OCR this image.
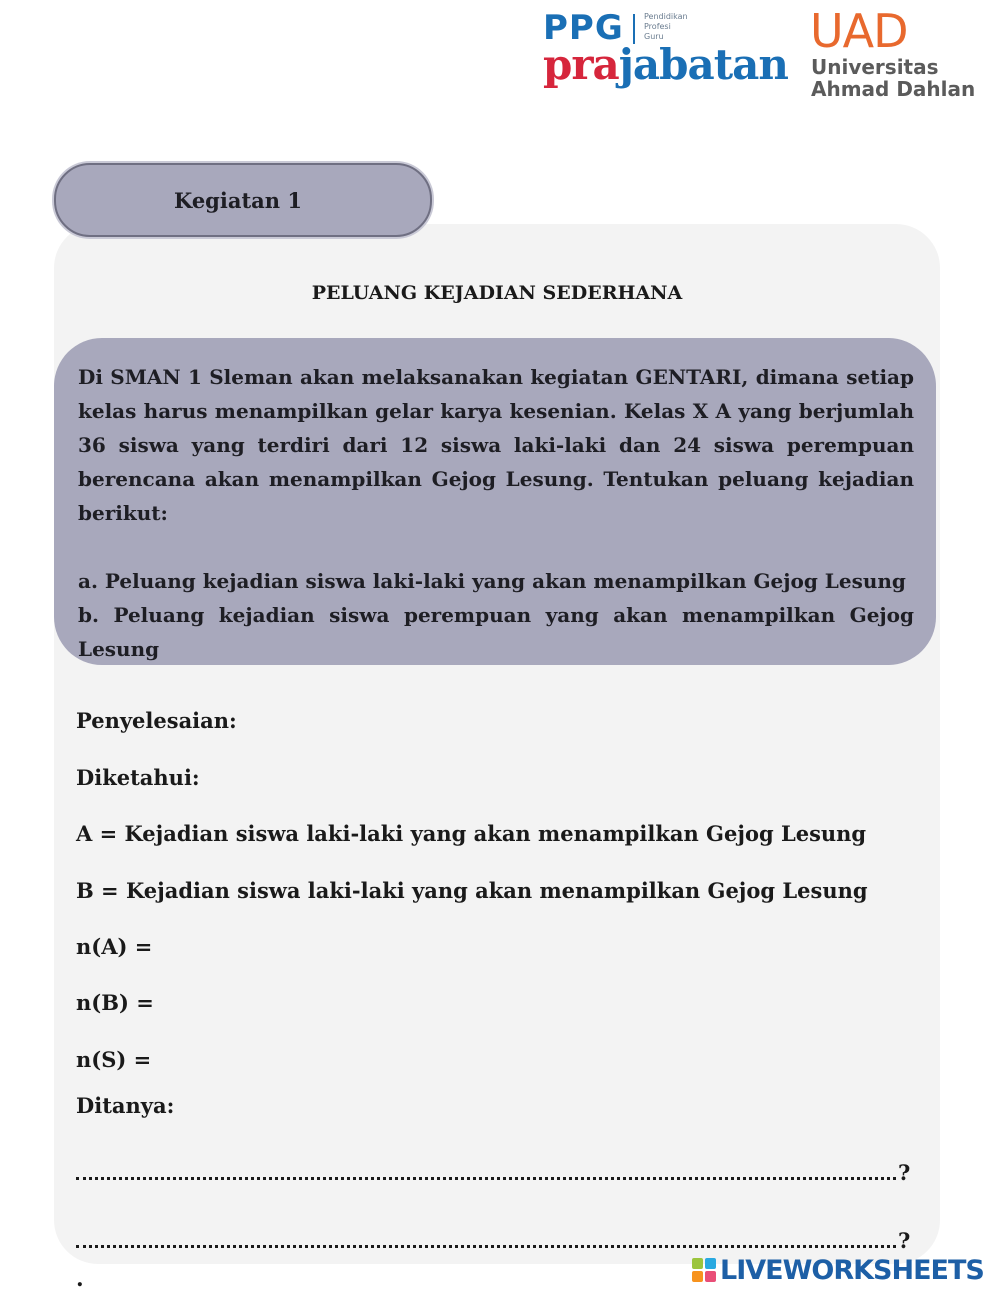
PPG	Pendidikan
Profesi
Guru
prajabatan
UAD
Universitas
Ahmad Dahlan
Kegiatan 1
PELUANG KEJADIAN SEDERHANA

Di SMAN 1 Sleman akan melaksanakan kegiatan GENTARI, dimana setiap kelas harus menampilkan gelar karya kesenian. Kelas X A yang berjumlah 36 siswa yang terdiri dari 12 siswa laki-laki dan 24 siswa perempuan berencana akan menampilkan Gejog Lesung. Tentukan peluang kejadian berikut:

a. Peluang kejadian siswa laki-laki yang akan menampilkan Gejog Lesung

b. Peluang kejadian siswa perempuan yang akan menampilkan Gejog Lesung

Penyelesaian:
Diketahui:
A = Kejadian siswa laki-laki yang akan menampilkan Gejog Lesung
B = Kejadian siswa laki-laki yang akan menampilkan Gejog Lesung
n(A) =
n(B) =
n(S) =
Ditanya:
?
?
.	LIVEWORKSHEETS
